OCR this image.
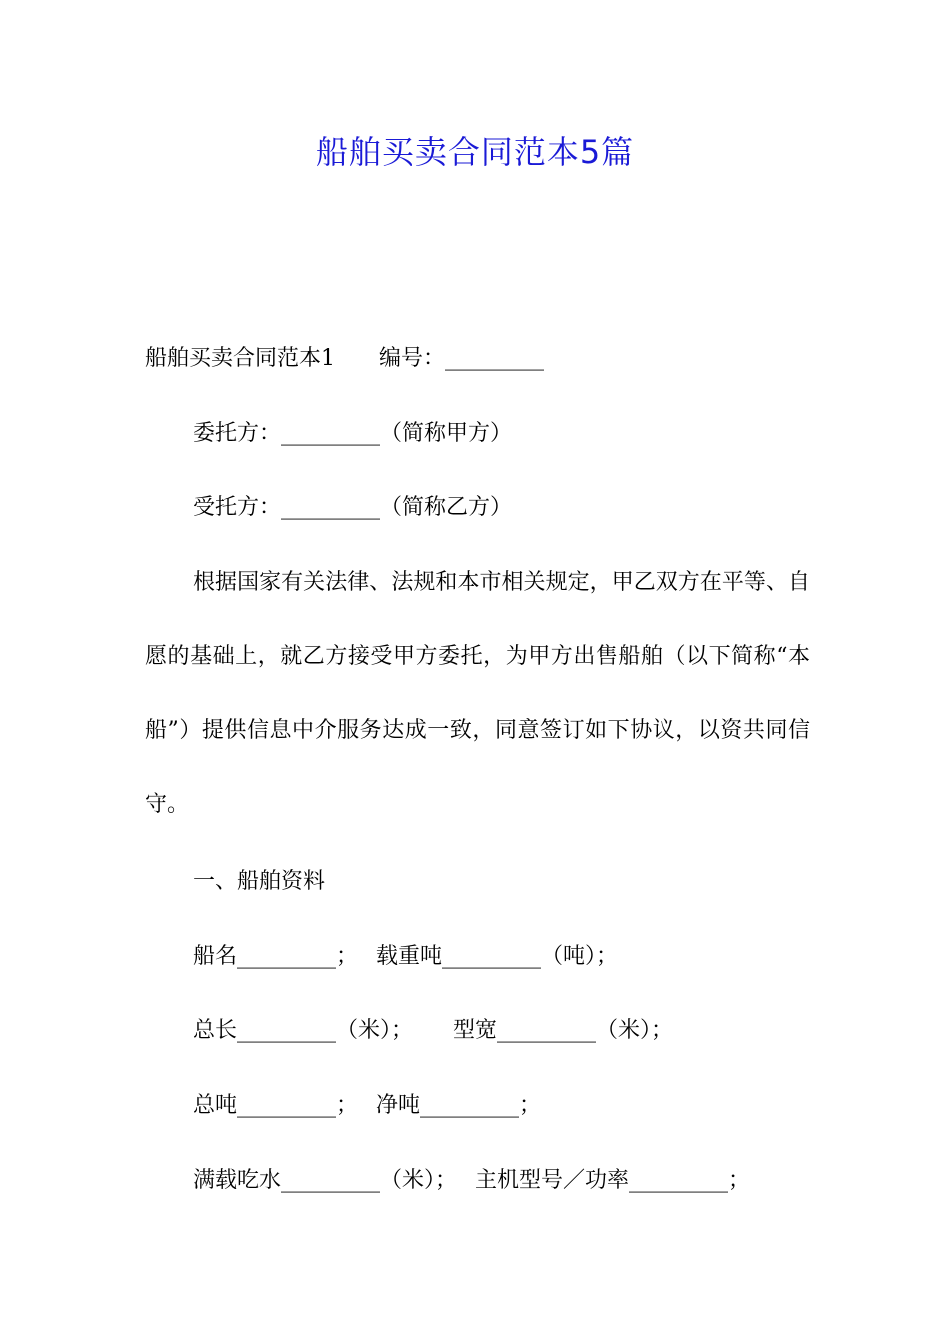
船舶买卖合同范本5篇
船舶买卖合同范本1　　编号：_________
委托方：_________（简称甲方）
受托方：_________（简称乙方）
根据国家有关法律、法规和本市相关规定，甲乙双方在平等、自愿的基础上，就乙方接受甲方委托，为甲方出售船舶（以下简称“本船”）提供信息中介服务达成一致，同意签订如下协议，以资共同信守。
一、船舶资料
船名_________；　 载重吨_________（吨）；
总长_________（米）；　　 型宽_________（米）；
总吨_________；　 净吨_________；
满载吃水_________（米）；　 主机型号／功率_________；
